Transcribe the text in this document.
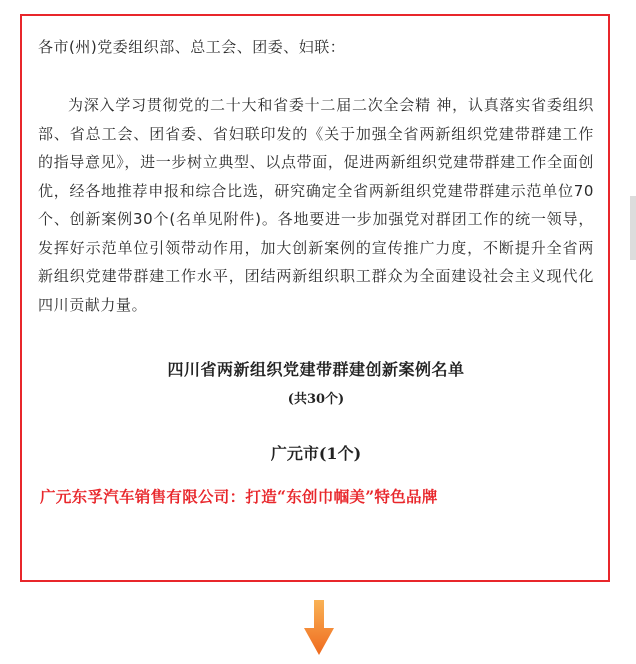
各市(州)党委组织部、总工会、团委、妇联：

为深入学习贯彻党的二十大和省委十二届二次全会精 神，认真落实省委组织部、省总工会、团省委、省妇联印发的《关于加强全省两新组织党建带群建工作的指导意见》，进一步树立典型、以点带面，促进两新组织党建带群建工作全面创优，经各地推荐申报和综合比选，研究确定全省两新组织党建带群建示范单位70个、创新案例30个(名单见附件)。各地要进一步加强党对群团工作的统一领导，发挥好示范单位引领带动作用，加大创新案例的宣传推广力度，不断提升全省两新组织党建带群建工作水平，团结两新组织职工群众为全面建设社会主义现代化四川贡献力量。

四川省两新组织党建带群建创新案例名单
(共30个)
广元市(1个)
广元东孚汽车销售有限公司：打造“东创巾帼美”特色品牌
